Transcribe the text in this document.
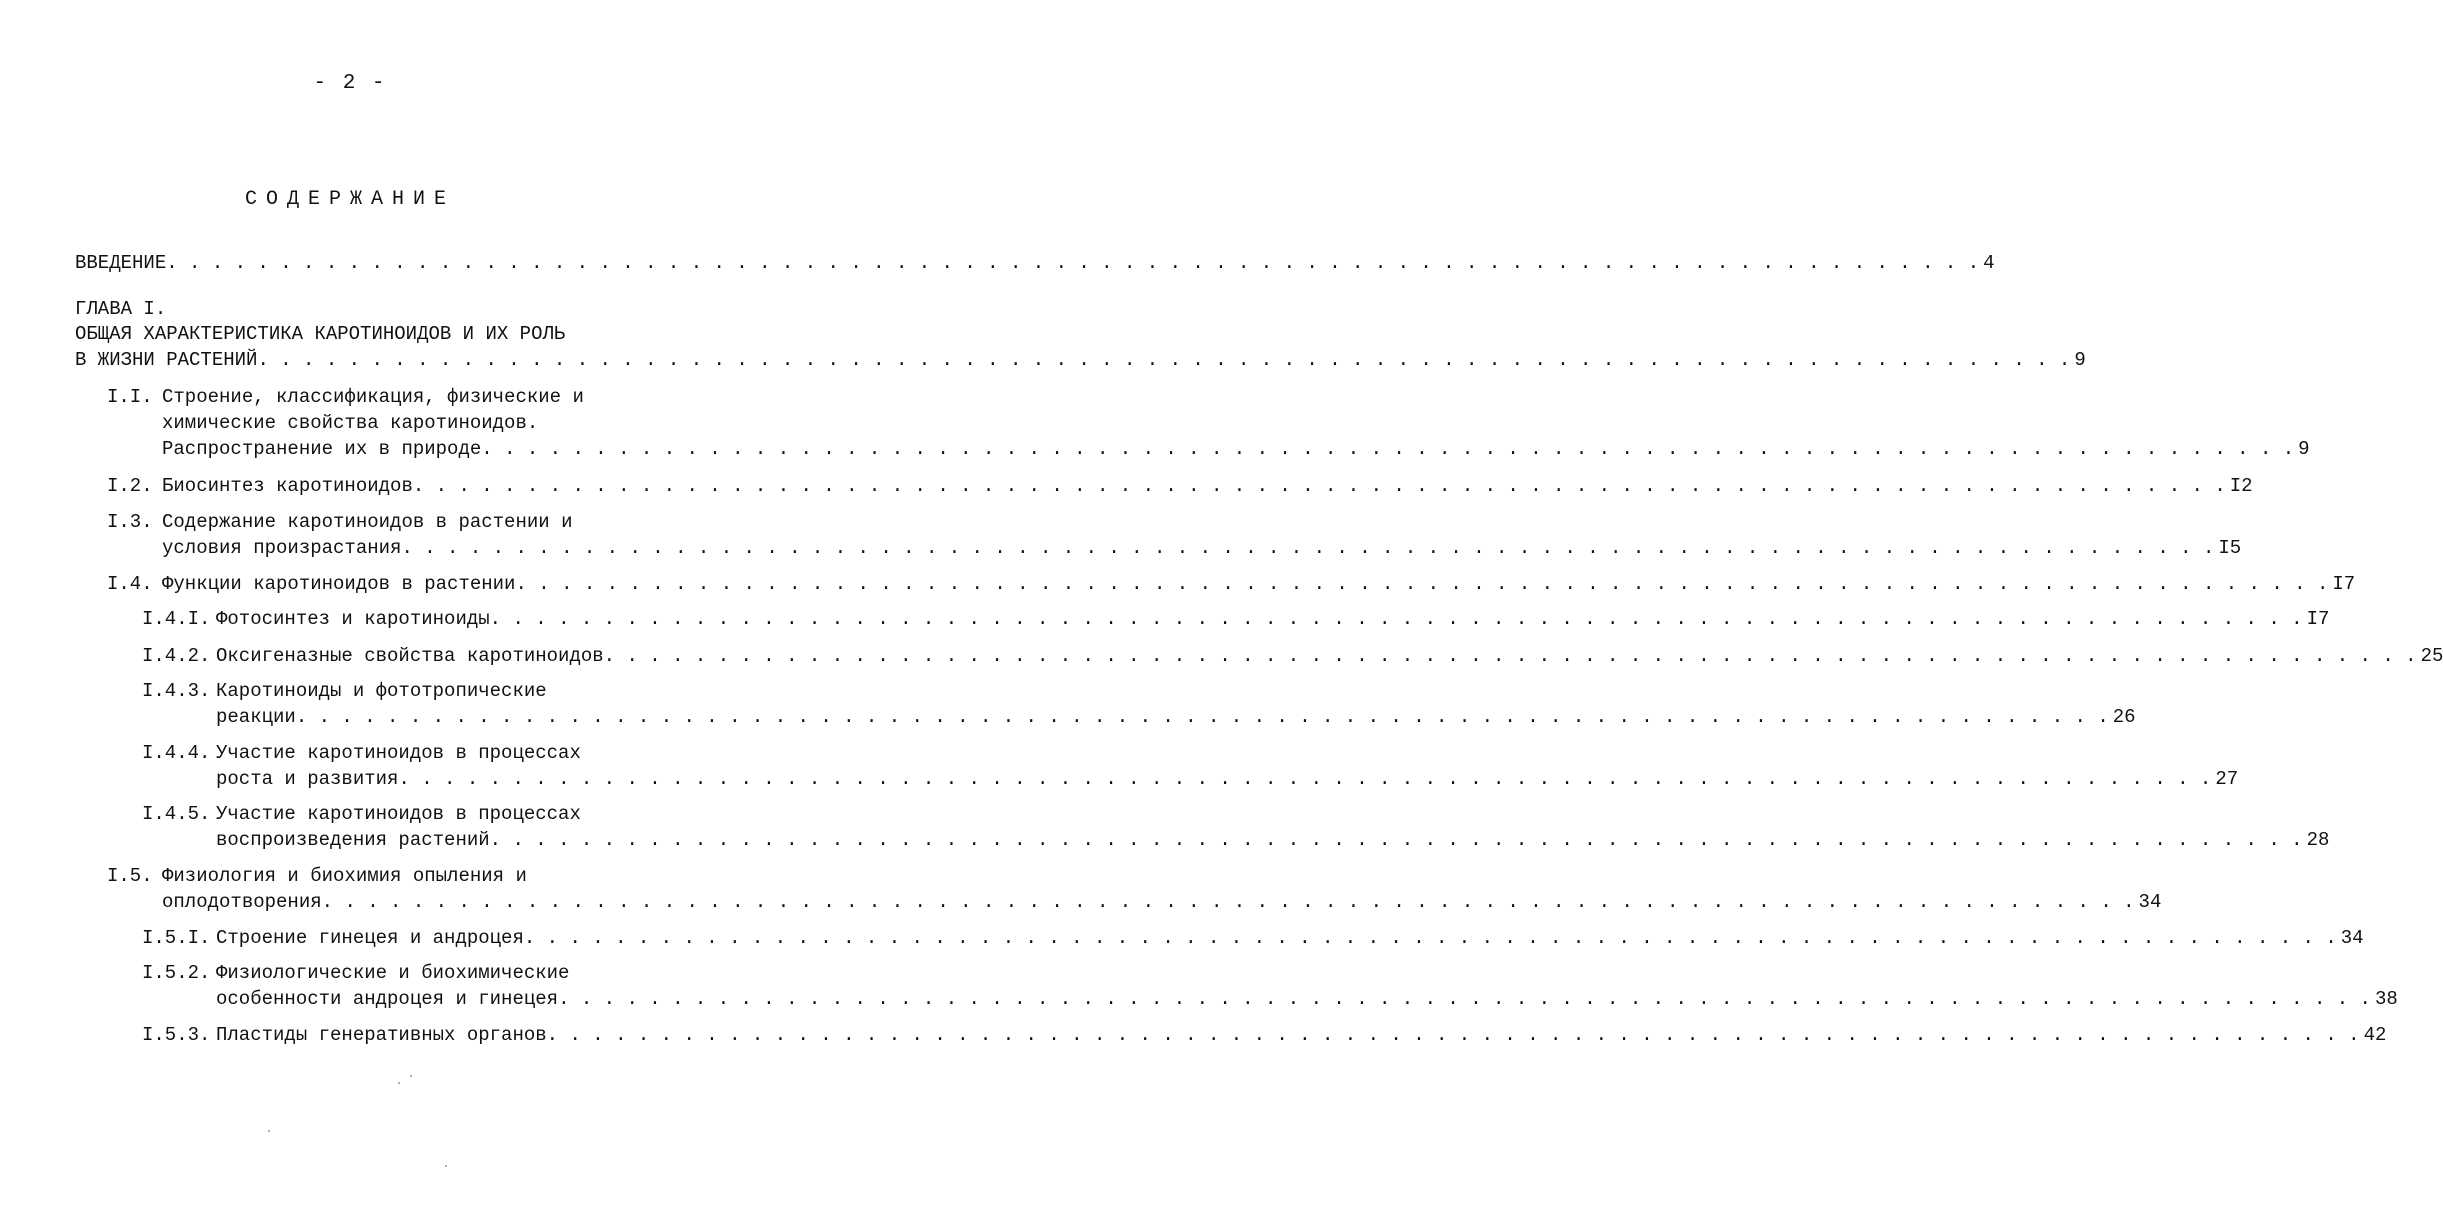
- 2 -
СОДЕРЖАНИЕ
ВВЕДЕНИЕ . . . . . . . . . . . . . . . . . . . . . . . . . . . . . . . . . . . . . . . . . . . . . . . . . . . . . . . . . . . . . . . . . . . . . . . . . . . . . . . . 4
ГЛАВА I.
ОБЩАЯ ХАРАКТЕРИСТИКА КАРОТИНОИДОВ И ИХ РОЛЬ
В ЖИЗНИ РАСТЕНИЙ . . . . . . . . . . . . . . . . . . . . . . . . . . . . . . . . . . . . . . . . . . . . . . . . . . . . . . . . . . . . . . . . . . . . . . . . . . . . . . . . 9
I.I. Строение, классификация, физические и
химические свойства каротиноидов.
Распространение их в природе . . . . . . . . . . . . . . . . . . . . . . . . . . . . . . . . . . . . . . . . . . . . . . . . . . . . . . . . . . . . . . . . . . . . . . . . . . . . . . . . 9
I.2. Биосинтез каротиноидов . . . . . . . . . . . . . . . . . . . . . . . . . . . . . . . . . . . . . . . . . . . . . . . . . . . . . . . . . . . . . . . . . . . . . . . . . . . . . . . . I2
I.3. Содержание каротиноидов в растении и
условия произрастания . . . . . . . . . . . . . . . . . . . . . . . . . . . . . . . . . . . . . . . . . . . . . . . . . . . . . . . . . . . . . . . . . . . . . . . . . . . . . . . . I5
I.4. Функции каротиноидов в растении . . . . . . . . . . . . . . . . . . . . . . . . . . . . . . . . . . . . . . . . . . . . . . . . . . . . . . . . . . . . . . . . . . . . . . . . . . . . . . . . I7
I.4.I. Фотосинтез и каротиноиды . . . . . . . . . . . . . . . . . . . . . . . . . . . . . . . . . . . . . . . . . . . . . . . . . . . . . . . . . . . . . . . . . . . . . . . . . . . . . . . . I7
I.4.2. Оксигеназные свойства каротиноидов . . . . . . . . . . . . . . . . . . . . . . . . . . . . . . . . . . . . . . . . . . . . . . . . . . . . . . . . . . . . . . . . . . . . . . . . . . . . . . . . 25
I.4.3. Каротиноиды и фототропические
реакции . . . . . . . . . . . . . . . . . . . . . . . . . . . . . . . . . . . . . . . . . . . . . . . . . . . . . . . . . . . . . . . . . . . . . . . . . . . . . . . . 26
I.4.4. Участие каротиноидов в процессах
роста и развития . . . . . . . . . . . . . . . . . . . . . . . . . . . . . . . . . . . . . . . . . . . . . . . . . . . . . . . . . . . . . . . . . . . . . . . . . . . . . . . . 27
I.4.5. Участие каротиноидов в процессах
воспроизведения растений . . . . . . . . . . . . . . . . . . . . . . . . . . . . . . . . . . . . . . . . . . . . . . . . . . . . . . . . . . . . . . . . . . . . . . . . . . . . . . . . 28
I.5. Физиология и биохимия опыления и
оплодотворения . . . . . . . . . . . . . . . . . . . . . . . . . . . . . . . . . . . . . . . . . . . . . . . . . . . . . . . . . . . . . . . . . . . . . . . . . . . . . . . . 34
I.5.I. Строение гинецея и андроцея . . . . . . . . . . . . . . . . . . . . . . . . . . . . . . . . . . . . . . . . . . . . . . . . . . . . . . . . . . . . . . . . . . . . . . . . . . . . . . . . 34
I.5.2. Физиологические и биохимические
особенности андроцея и гинецея . . . . . . . . . . . . . . . . . . . . . . . . . . . . . . . . . . . . . . . . . . . . . . . . . . . . . . . . . . . . . . . . . . . . . . . . . . . . . . . . 38
I.5.3. Пластиды генеративных органов . . . . . . . . . . . . . . . . . . . . . . . . . . . . . . . . . . . . . . . . . . . . . . . . . . . . . . . . . . . . . . . . . . . . . . . . . . . . . . . . 42
